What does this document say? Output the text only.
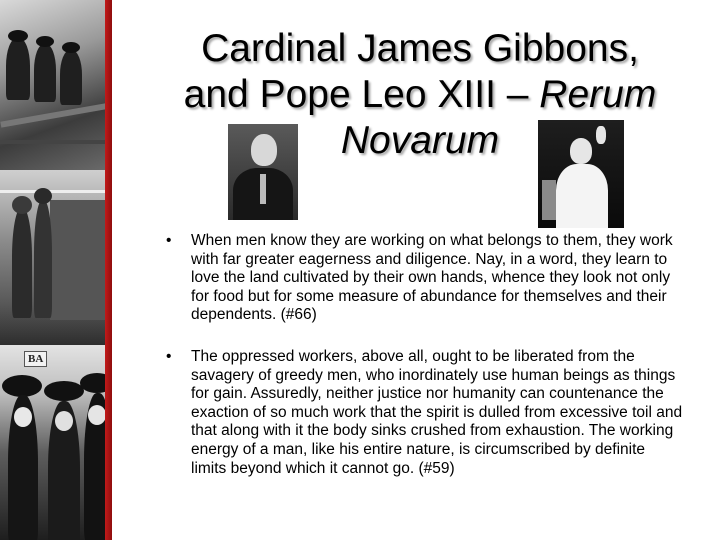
BA
Cardinal James Gibbons,
and Pope Leo XIII – Rerum
Novarum
• When men know they are working on what belongs to them, they work with far greater eagerness and diligence. Nay, in a word, they learn to love the land cultivated by their own hands, whence they look not only for food but for some measure of abundance for themselves and their dependents. (#66)
• The oppressed workers, above all, ought to be liberated from the savagery of greedy men, who inordinately use human beings as things for gain. Assuredly, neither justice nor humanity can countenance the exaction of so much work that the spirit is dulled from excessive toil and that along with it the body sinks crushed from exhaustion. The working energy of a man, like his entire nature, is circumscribed by definite limits beyond which it cannot go. (#59)
